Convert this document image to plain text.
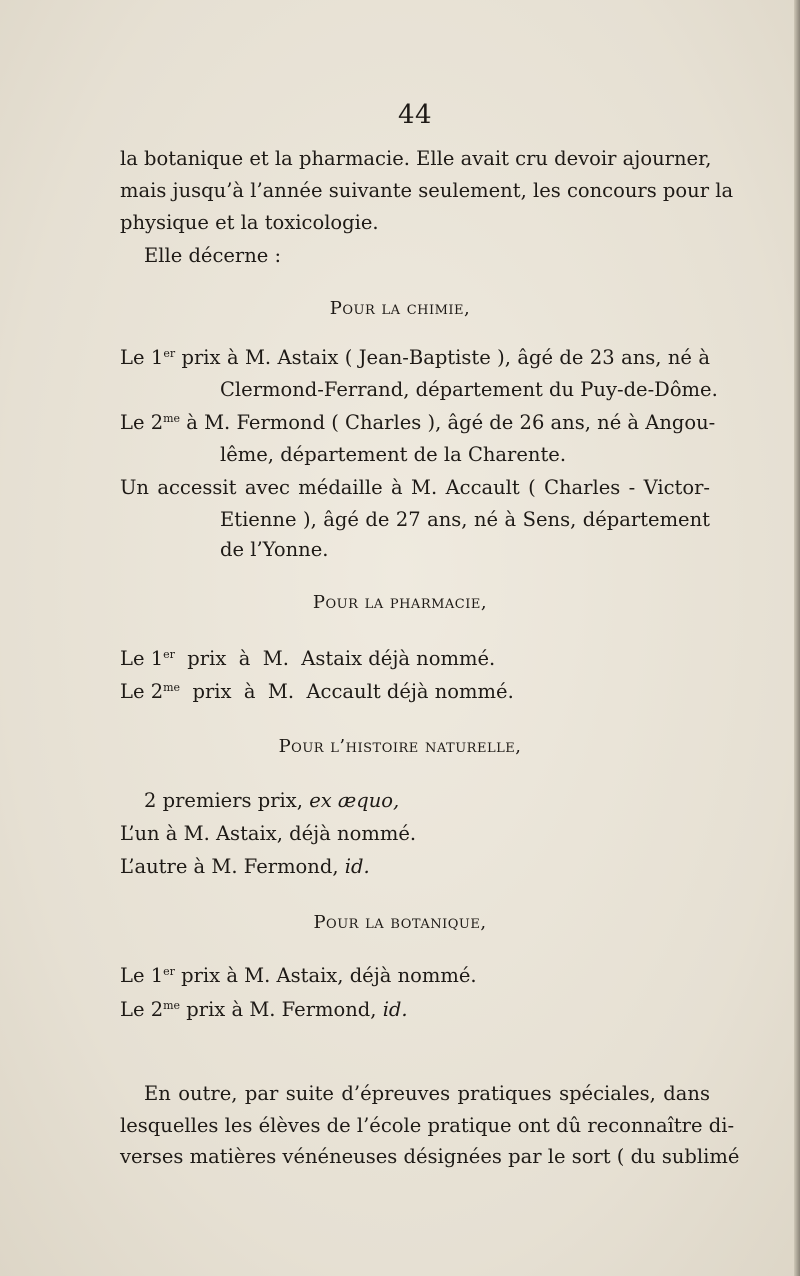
44
la botanique et la pharmacie. Elle avait cru devoir ajourner,
mais jusqu’à l’année suivante seulement, les concours pour la
physique et la toxicologie.
Elle décerne :
Pour la chimie,
Le 1er prix à M. Astaix ( Jean-Baptiste ), âgé de 23 ans, né à
Clermond-Ferrand, département du Puy-de-Dôme.
Le $2^{me}$ à M. Fermond ( Charles ), âgé de 26 ans, né à Angou-
lême, département de la Charente.
Un accessit avec médaille à M. Accault ( Charles - Victor-
Etienne ), âgé de 27 ans, né à Sens, département
de l’Yonne.
Pour la pharmacie,
Le 1er  prix  à  M.  Astaix déjà nommé.
Le $2^{me}$  prix  à  M.  Accault déjà nommé.
Pour l’histoire naturelle,
2 premiers prix, ex æquo,
L’un à M. Astaix, déjà nommé.
L’autre à M. Fermond, id.
Pour la botanique,
Le 1er prix à M. Astaix, déjà nommé.
Le $2^{me}$ prix à M. Fermond, id.
En outre, par suite d’épreuves pratiques spéciales, dans
lesquelles les élèves de l’école pratique ont dû reconnaître di-
verses matières vénéneuses désignées par le sort ( du sublimé
